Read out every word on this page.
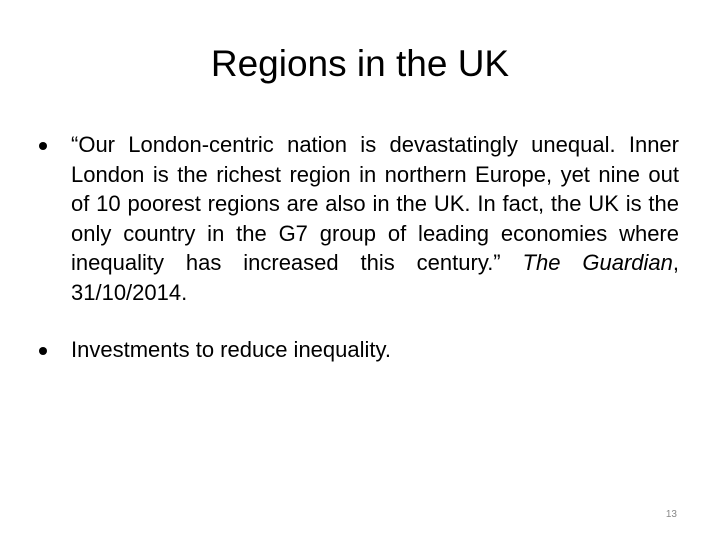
Regions in the UK
“Our London-centric nation is devastatingly unequal. Inner London is the richest region in northern Europe, yet nine out of 10 poorest regions are also in the UK. In fact, the UK is the only country in the G7 group of leading economies where inequality has increased this century.” The Guardian, 31/10/2014.
Investments to reduce inequality.
13
